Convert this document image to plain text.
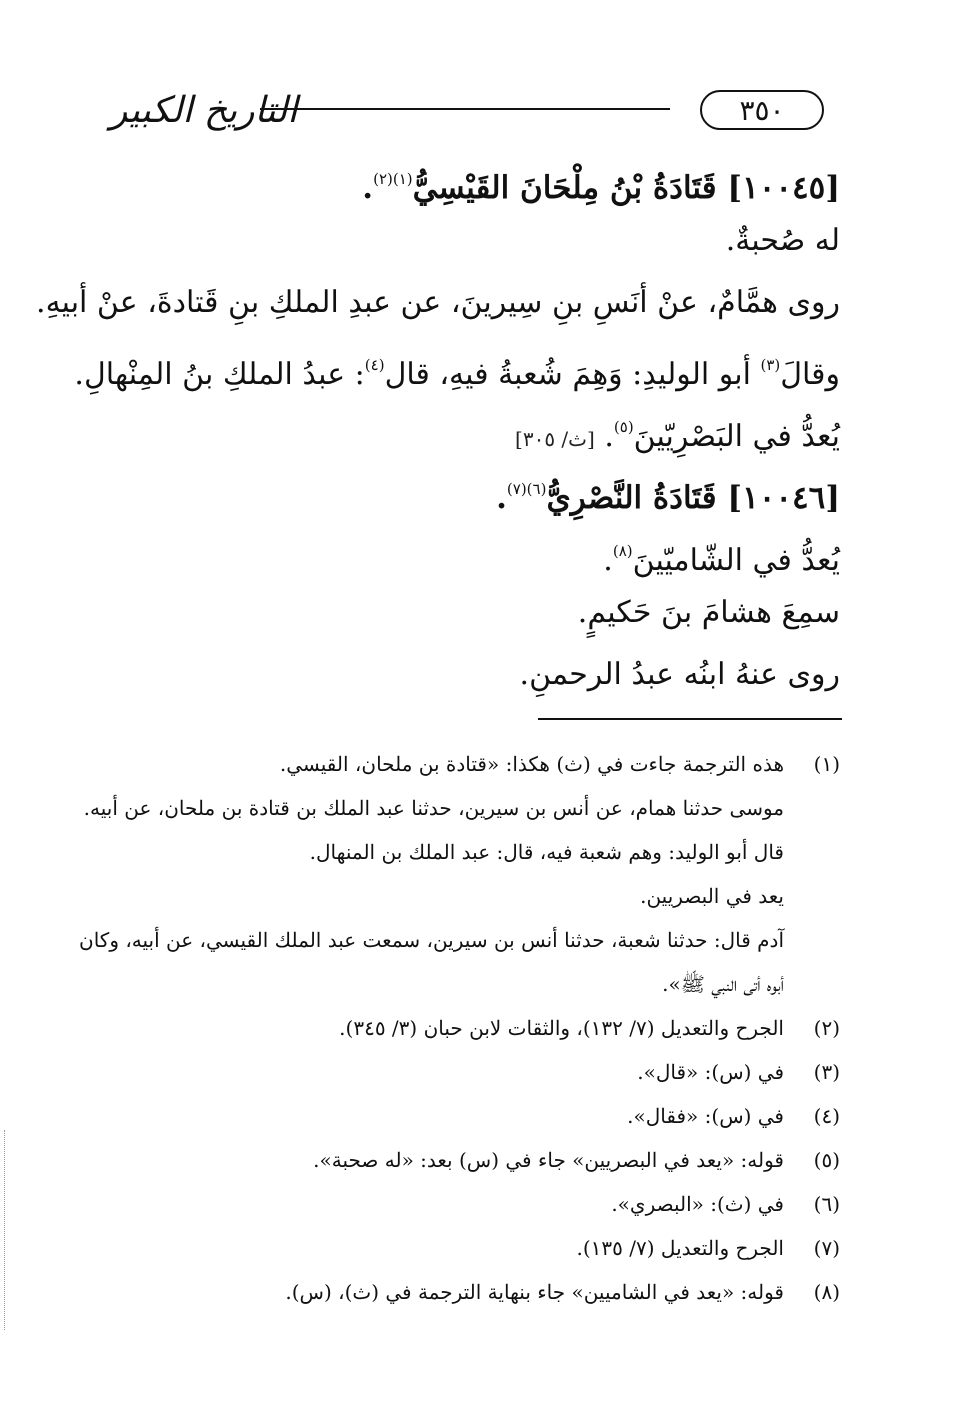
التاريخ الكبير	٣٥٠
[١٠٠٤٥] قَتَادَةُ بْنُ مِلْحَانَ القَيْسِيُّ$^{(١)(٢)}$.
له صُحبةٌ.
روى همَّامٌ، عنْ أنَسِ بنِ سِيرينَ، عن عبدِ الملكِ بنِ قَتادةَ، عنْ أبيهِ.
وقالَ$^{(٣)}$ أبو الوليدِ: وَهِمَ شُعبةُ فيهِ، قال$^{(٤)}$: عبدُ الملكِ بنُ المِنْهالِ.
يُعدُّ في البَصْرِيّينَ$^{(٥)}$. [ث/ ٣٠٥]
[١٠٠٤٦] قَتَادَةُ النَّصْرِيُّ$^{(٦)(٧)}$.
يُعدُّ في الشّاميّينَ$^{(٨)}$.
سمِعَ هشامَ بنَ حَكيمٍ.
روى عنهُ ابنُه عبدُ الرحمنِ.
(١)
هذه الترجمة جاءت في (ث) هكذا: «قتادة بن ملحان، القيسي.
موسى حدثنا همام، عن أنس بن سيرين، حدثنا عبد الملك بن قتادة بن ملحان، عن أبيه.
قال أبو الوليد: وهم شعبة فيه، قال: عبد الملك بن المنهال.
يعد في البصريين.
آدم قال: حدثنا شعبة، حدثنا أنس بن سيرين، سمعت عبد الملك القيسي، عن أبيه، وكان
أبوه أتى النبي ﷺ».
(٢)
الجرح والتعديل (٧/ ١٣٢)، والثقات لابن حبان (٣/ ٣٤٥).
(٣)
في (س): «قال».
(٤)
في (س): «فقال».
(٥)
قوله: «يعد في البصريين» جاء في (س) بعد: «له صحبة».
(٦)
في (ث): «البصري».
(٧)
الجرح والتعديل (٧/ ١٣٥).
(٨)
قوله: «يعد في الشاميين» جاء بنهاية الترجمة في (ث)، (س).
